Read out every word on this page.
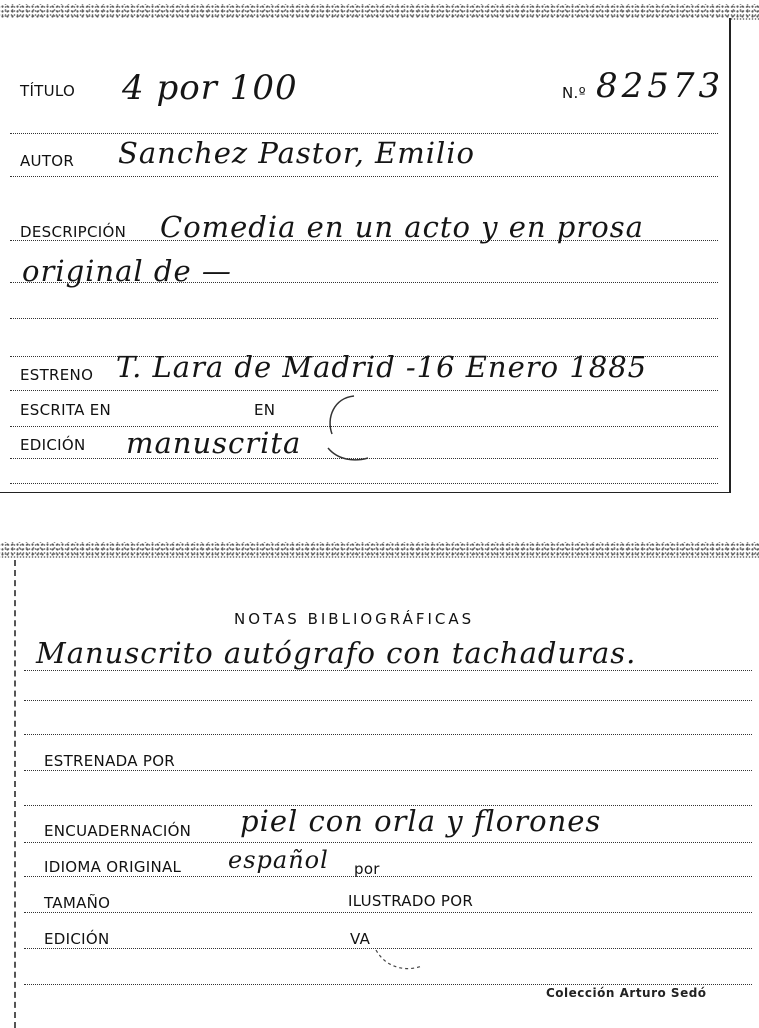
TÍTULO 4 por 100	N.º 82573
AUTOR Sanchez Pastor, Emilio
DESCRIPCIÓN Comedia en un acto y en prosa
original de —
ESTRENO T. Lara de Madrid -16 Enero 1885
ESCRITA EN	EN
EDICIÓN manuscrita
NOTAS BIBLIOGRÁFICAS
Manuscrito autógrafo con tachaduras.
ESTRENADA POR
ENCUADERNACIÓN piel con orla y florones
IDIOMA ORIGINAL español por
TAMAÑO	ILUSTRADO POR
EDICIÓN	VA
Colección Arturo Sedó
